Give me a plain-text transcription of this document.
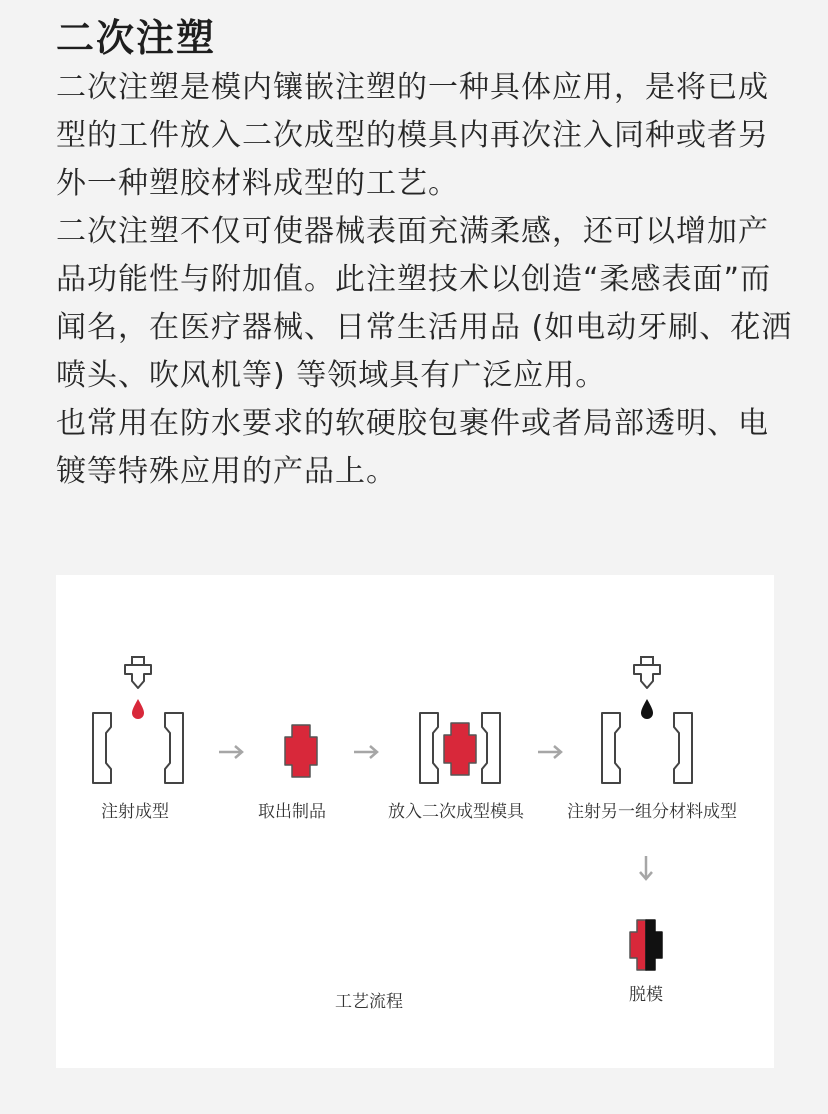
二次注塑

二次注塑是模内镶嵌注塑的一种具体应用，是将已成型的工件放入二次成型的模具内再次注入同种或者另外一种塑胶材料成型的工艺。

二次注塑不仅可使器械表面充满柔感，还可以增加产品功能性与附加值。此注塑技术以创造“柔感表面”而闻名，在医疗器械、日常生活用品 (如电动牙刷、花洒喷头、吹风机等) 等领域具有广泛应用。

也常用在防水要求的软硬胶包裹件或者局部透明、电镀等特殊应用的产品上。

注射成型	取出制品	放入二次成型模具	注射另一组分材料成型
脱模
工艺流程
